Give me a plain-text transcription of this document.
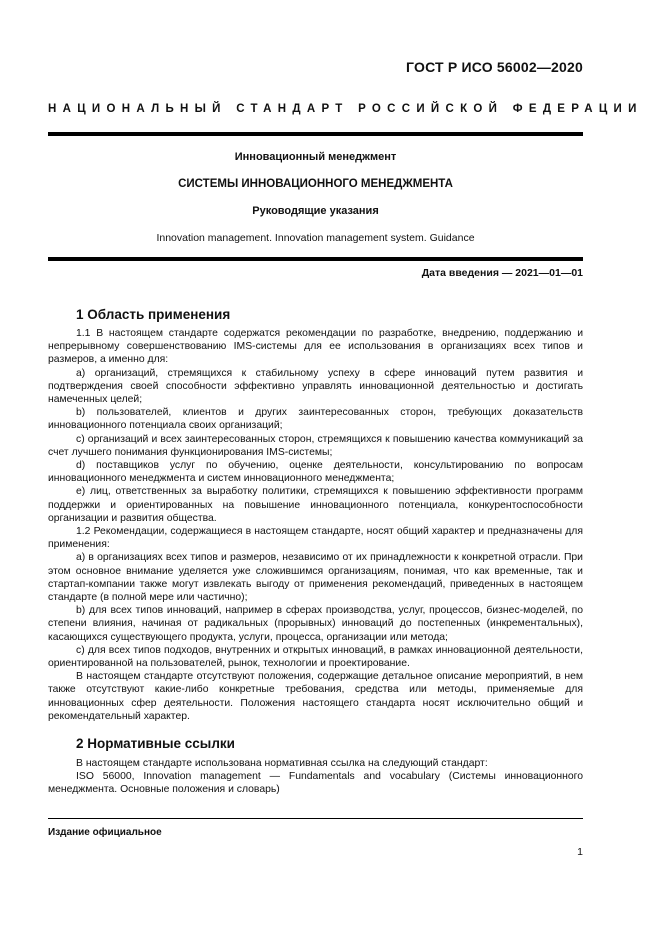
ГОСТ Р ИСО 56002—2020
НАЦИОНАЛЬНЫЙ СТАНДАРТ РОССИЙСКОЙ ФЕДЕРАЦИИ
Инновационный менеджмент
СИСТЕМЫ ИННОВАЦИОННОГО МЕНЕДЖМЕНТА
Руководящие указания
Innovation management. Innovation management system. Guidance
Дата введения — 2021—01—01
1 Область применения

1.1 В настоящем стандарте содержатся рекомендации по разработке, внедрению, поддержанию и непрерывному совершенствованию IMS-системы для ее использования в организациях всех типов и размеров, а именно для:

a) организаций, стремящихся к стабильному успеху в сфере инноваций путем развития и подтверждения своей способности эффективно управлять инновационной деятельностью и достигать намеченных целей;

b) пользователей, клиентов и других заинтересованных сторон, требующих доказательств инновационного потенциала своих организаций;

c) организаций и всех заинтересованных сторон, стремящихся к повышению качества коммуникаций за счет лучшего понимания функционирования IMS-системы;

d) поставщиков услуг по обучению, оценке деятельности, консультированию по вопросам инновационного менеджмента и систем инновационного менеджмента;

e) лиц, ответственных за выработку политики, стремящихся к повышению эффективности программ поддержки и ориентированных на повышение инновационного потенциала, конкурентоспособности организации и развития общества.

1.2 Рекомендации, содержащиеся в настоящем стандарте, носят общий характер и предназначены для применения:

a) в организациях всех типов и размеров, независимо от их принадлежности к конкретной отрасли. При этом основное внимание уделяется уже сложившимся организациям, понимая, что как временные, так и стартап-компании также могут извлекать выгоду от применения рекомендаций, приведенных в настоящем стандарте (в полной мере или частично);

b) для всех типов инноваций, например в сферах производства, услуг, процессов, бизнес-моделей, по степени влияния, начиная от радикальных (прорывных) инноваций до постепенных (инкрементальных), касающихся существующего продукта, услуги, процесса, организации или метода;

c) для всех типов подходов, внутренних и открытых инноваций, в рамках инновационной деятельности, ориентированной на пользователей, рынок, технологии и проектирование.

В настоящем стандарте отсутствуют положения, содержащие детальное описание мероприятий, в нем также отсутствуют какие-либо конкретные требования, средства или методы, применяемые для инновационных сфер деятельности. Положения настоящего стандарта носят исключительно общий и рекомендательный характер.

2 Нормативные ссылки

В настоящем стандарте использована нормативная ссылка на следующий стандарт:

ISO 56000, Innovation management — Fundamentals and vocabulary (Системы инновационного менеджмента. Основные положения и словарь)

Издание официальное
1
